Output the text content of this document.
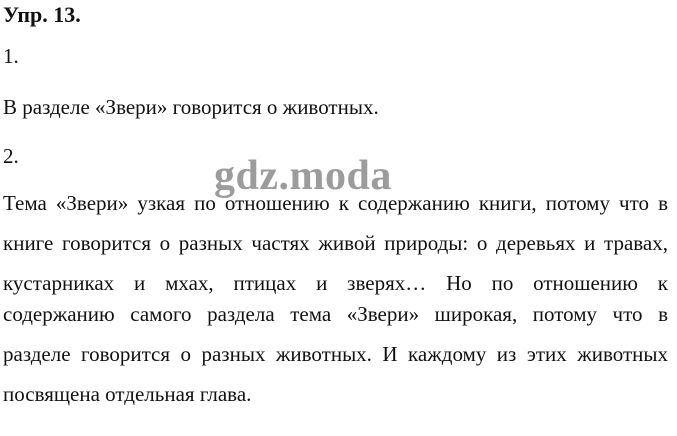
Упр. 13.
1.
В разделе «Звери» говорится о животных.
2.
Тема «Звери» узкая по отношению к содержанию книги, потому что в
книге говорится о разных частях живой природы: о деревьях и травах,
кустарниках и мхах, птицах и зверях… Но по отношению к
содержанию самого раздела тема «Звери» широкая, потому что в
разделе говорится о разных животных. И каждому из этих животных
посвящена отдельная глава.
gdz.moda
